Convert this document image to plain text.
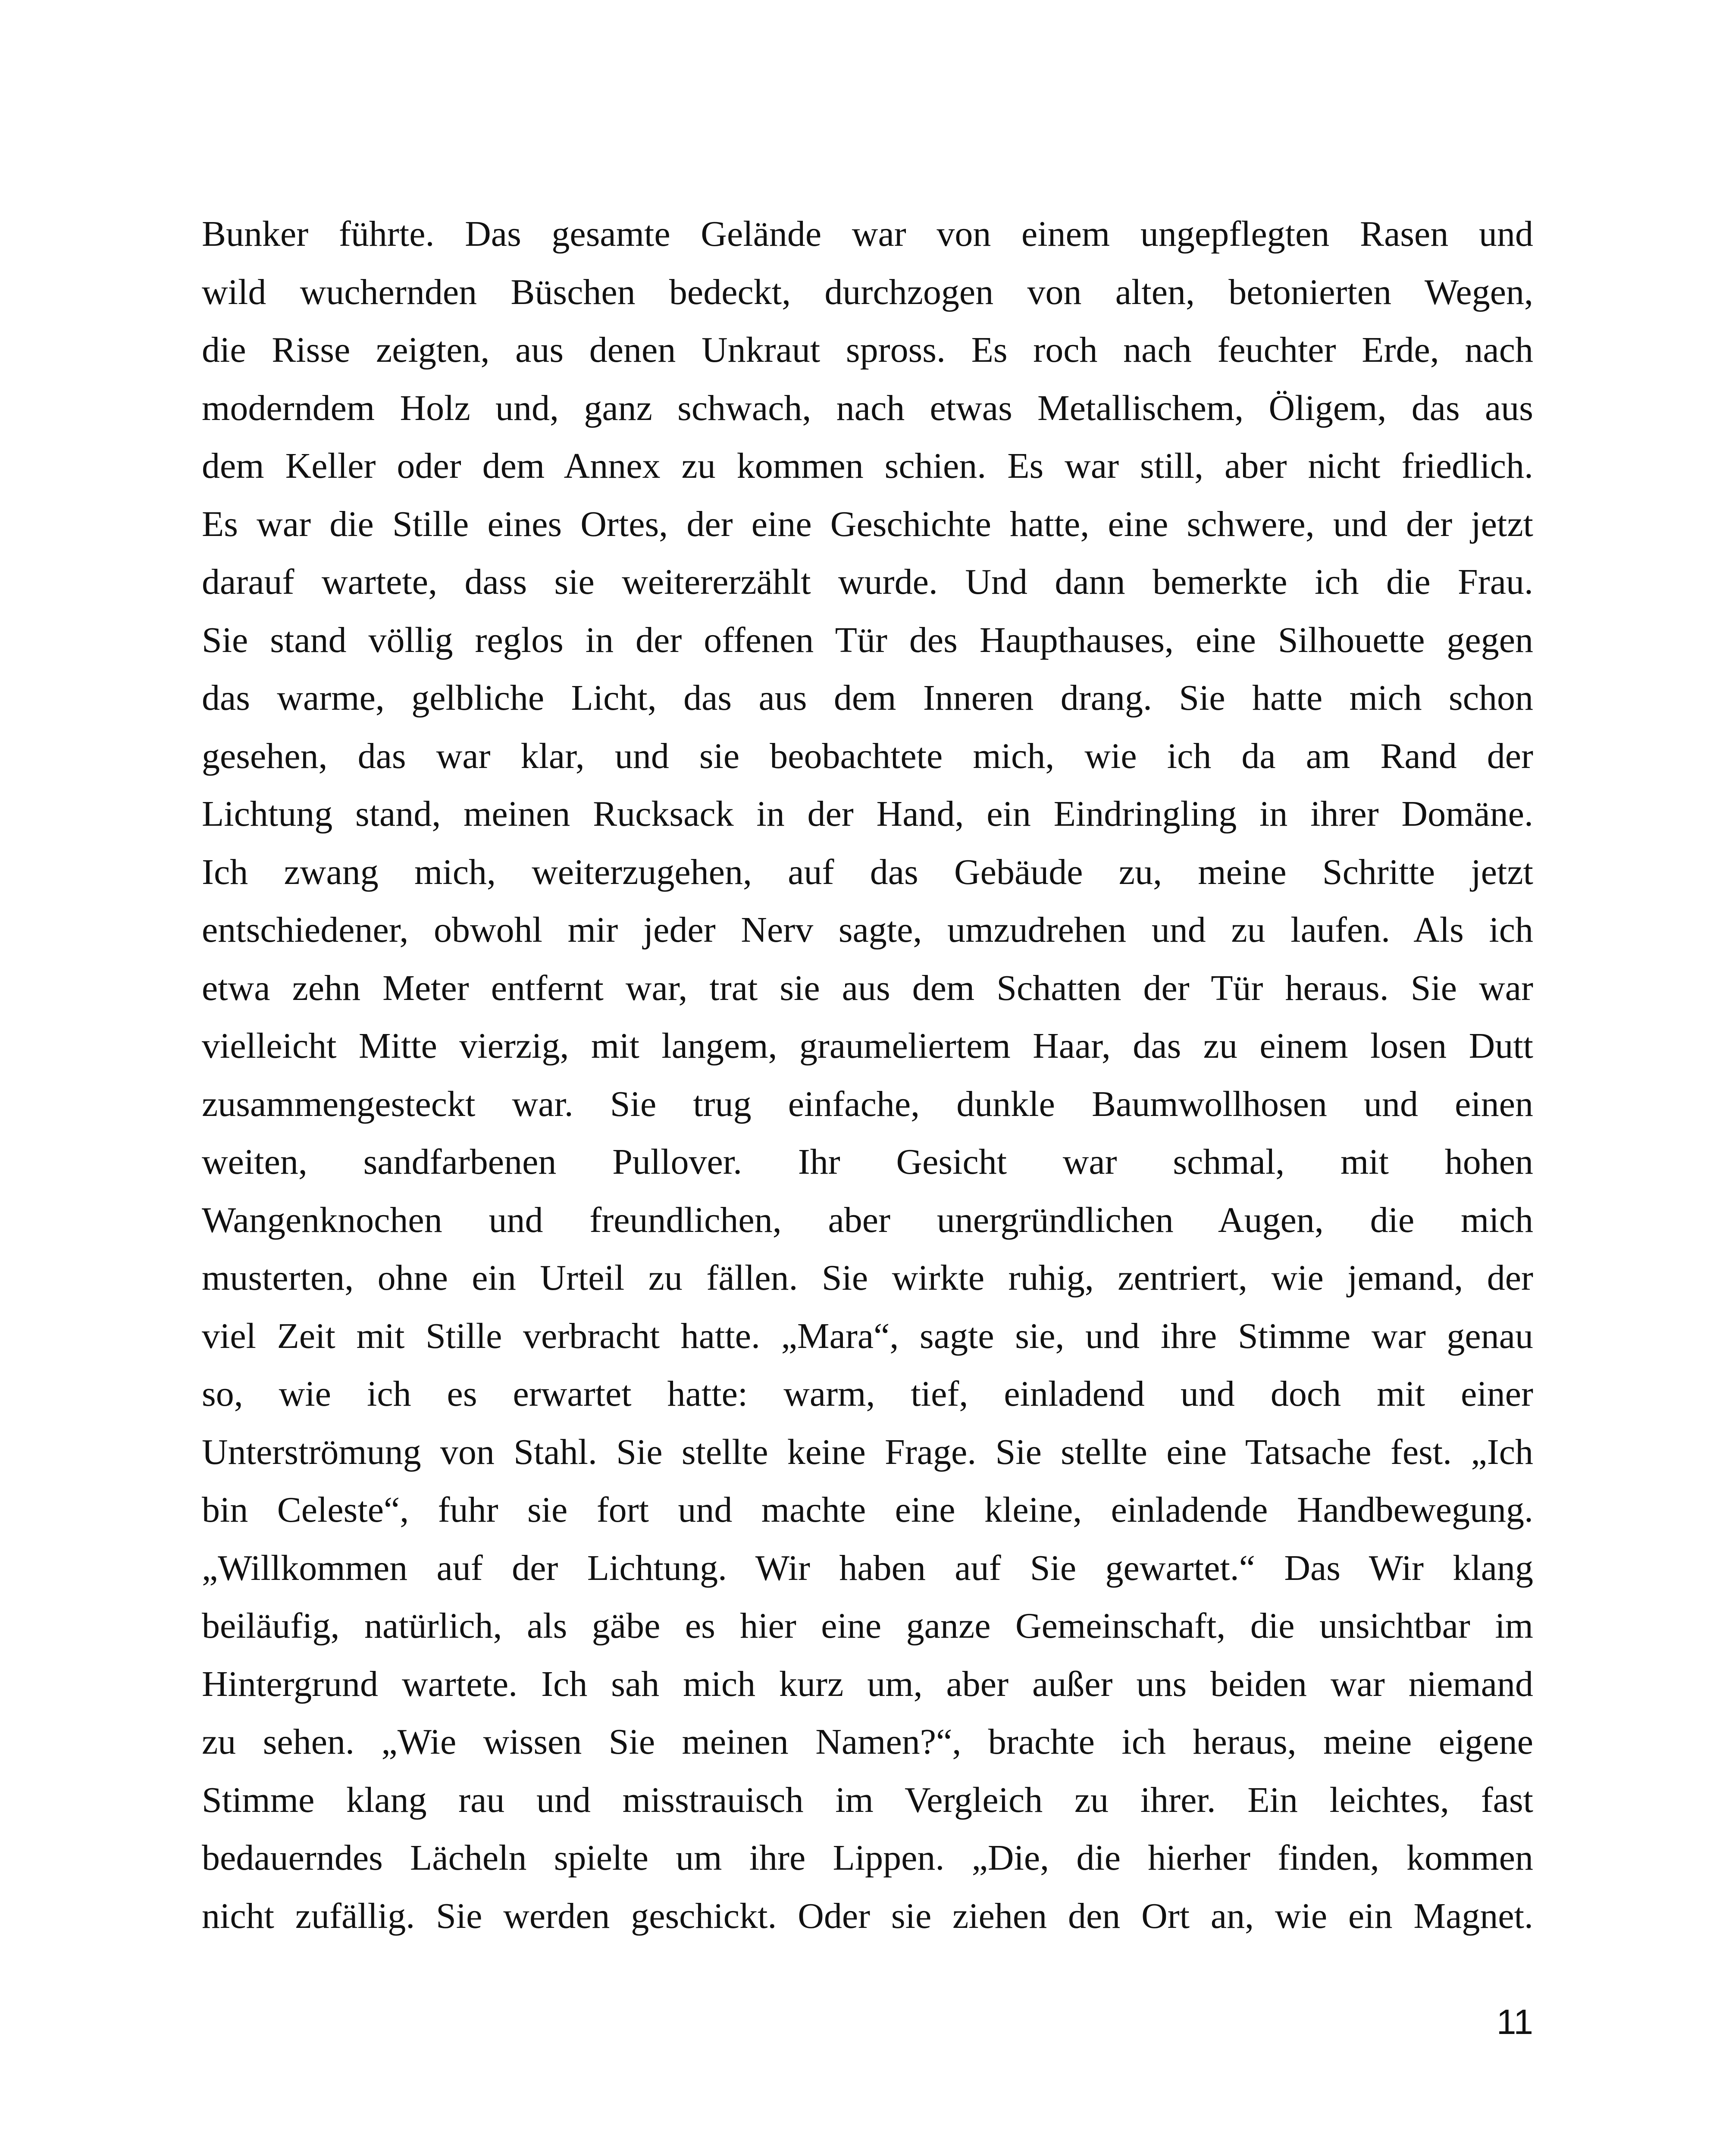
Bunker führte. Das gesamte Gelände war von einem ungepflegten Rasen und
wild wuchernden Büschen bedeckt, durchzogen von alten, betonierten Wegen,
die Risse zeigten, aus denen Unkraut spross. Es roch nach feuchter Erde, nach
moderndem Holz und, ganz schwach, nach etwas Metallischem, Öligem, das aus
dem Keller oder dem Annex zu kommen schien. Es war still, aber nicht friedlich.
Es war die Stille eines Ortes, der eine Geschichte hatte, eine schwere, und der jetzt
darauf wartete, dass sie weitererzählt wurde. Und dann bemerkte ich die Frau.
Sie stand völlig reglos in der offenen Tür des Haupthauses, eine Silhouette gegen
das warme, gelbliche Licht, das aus dem Inneren drang. Sie hatte mich schon
gesehen, das war klar, und sie beobachtete mich, wie ich da am Rand der
Lichtung stand, meinen Rucksack in der Hand, ein Eindringling in ihrer Domäne.
Ich zwang mich, weiterzugehen, auf das Gebäude zu, meine Schritte jetzt
entschiedener, obwohl mir jeder Nerv sagte, umzudrehen und zu laufen. Als ich
etwa zehn Meter entfernt war, trat sie aus dem Schatten der Tür heraus. Sie war
vielleicht Mitte vierzig, mit langem, graumeliertem Haar, das zu einem losen Dutt
zusammengesteckt war. Sie trug einfache, dunkle Baumwollhosen und einen
weiten, sandfarbenen Pullover. Ihr Gesicht war schmal, mit hohen
Wangenknochen und freundlichen, aber unergründlichen Augen, die mich
musterten, ohne ein Urteil zu fällen. Sie wirkte ruhig, zentriert, wie jemand, der
viel Zeit mit Stille verbracht hatte. „Mara“, sagte sie, und ihre Stimme war genau
so, wie ich es erwartet hatte: warm, tief, einladend und doch mit einer
Unterströmung von Stahl. Sie stellte keine Frage. Sie stellte eine Tatsache fest. „Ich
bin Celeste“, fuhr sie fort und machte eine kleine, einladende Handbewegung.
„Willkommen auf der Lichtung. Wir haben auf Sie gewartet.“ Das Wir klang
beiläufig, natürlich, als gäbe es hier eine ganze Gemeinschaft, die unsichtbar im
Hintergrund wartete. Ich sah mich kurz um, aber außer uns beiden war niemand
zu sehen. „Wie wissen Sie meinen Namen?“, brachte ich heraus, meine eigene
Stimme klang rau und misstrauisch im Vergleich zu ihrer. Ein leichtes, fast
bedauerndes Lächeln spielte um ihre Lippen. „Die, die hierher finden, kommen
nicht zufällig. Sie werden geschickt. Oder sie ziehen den Ort an, wie ein Magnet.
11
